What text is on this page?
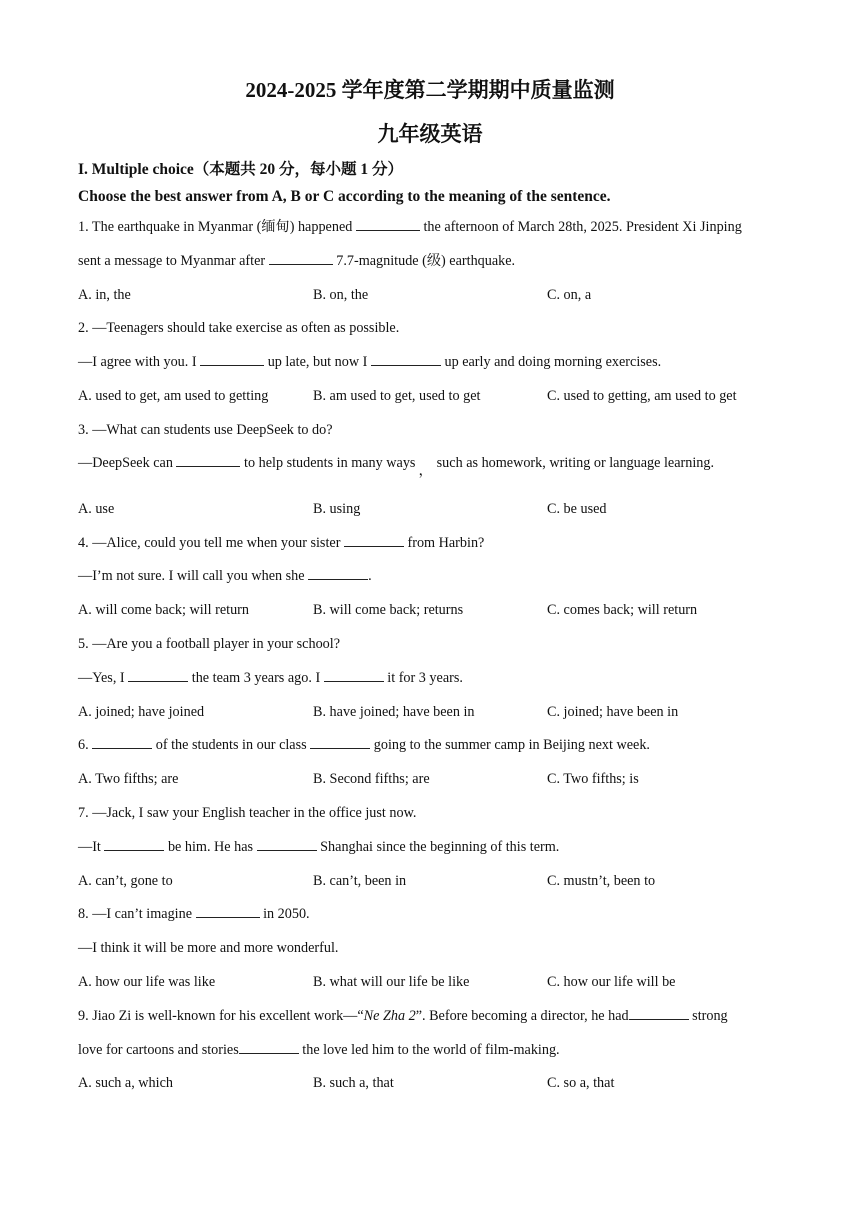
2024-2025 学年度第二学期期中质量监测
九年级英语
I. Multiple choice（本题共 20 分，每小题 1 分）
Choose the best answer from A, B or C according to the meaning of the sentence.
1. The earthquake in Myanmar (缅甸) happened	the afternoon of March 28th, 2025. President Xi Jinping
sent a message to Myanmar after	7.7-magnitude (级) earthquake.
A. in, the	B. on, the	C. on, a
2. —Teenagers should take exercise as often as possible.
—I agree with you. I	up late, but now I	up early and doing morning exercises.
A. used to get, am used to getting	B. am used to get, used to get	C. used to getting, am used to get
3. —What can students use DeepSeek to do?
—DeepSeek can	to help students in many ways ， such as homework, writing or language learning.
A. use	B. using	C. be used
4. —Alice, could you tell me when your sister	from Harbin?
—I’m not sure. I will call you when she	.
A. will come back; will return	B. will come back; returns	C. comes back; will return
5. —Are you a football player in your school?
—Yes, I	the team 3 years ago. I	it for 3 years.
A. joined; have joined	B. have joined; have been in	C. joined; have been in
6.	of the students in our class	going to the summer camp in Beijing next week.
A. Two fifths; are	B. Second fifths; are	C. Two fifths; is
7. —Jack, I saw your English teacher in the office just now.
—It	be him. He has	Shanghai since the beginning of this term.
A. can’t, gone to	B. can’t, been in	C. mustn’t, been to
8. —I can’t imagine	in 2050.
—I think it will be more and more wonderful.
A. how our life was like	B. what will our life be like	C. how our life will be
9. Jiao Zi is well-known for his excellent work—“Ne Zha 2”. Before becoming a director, he had	strong
love for cartoons and stories	the love led him to the world of film-making.
A. such a, which	B. such a, that	C. so a, that
